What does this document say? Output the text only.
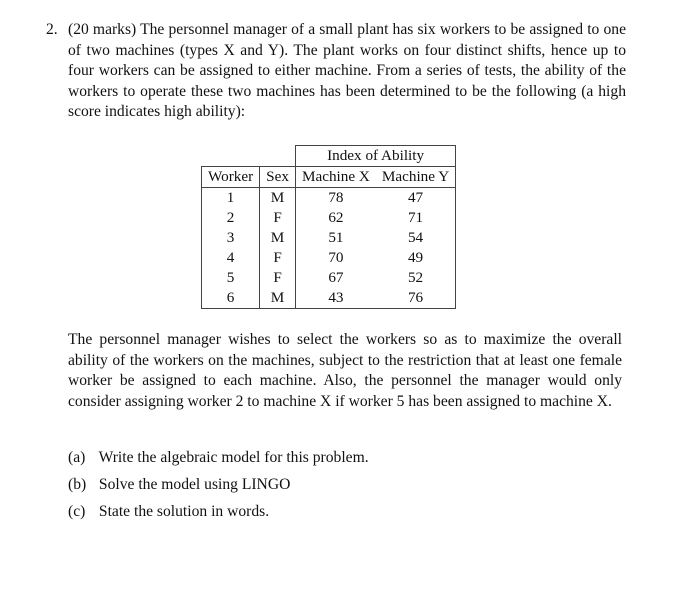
2. (20 marks) The personnel manager of a small plant has six workers to be assigned to one of two machines (types X and Y). The plant works on four distinct shifts, hence up to four workers can be assigned to either machine. From a series of tests, the ability of the workers to operate these two machines has been determined to be the following (a high score indicates high ability):
		Index of Ability	
Worker	Sex	Machine X	Machine Y
1	M	78	47
2	F	62	71
3	M	51	54
4	F	70	49
5	F	67	52
6	M	43	76
The personnel manager wishes to select the workers so as to maximize the overall ability of the workers on the machines, subject to the restriction that at least one female worker be assigned to each machine. Also, the personnel the manager would only consider assigning worker 2 to machine X if worker 5 has been assigned to machine X.
(a) Write the algebraic model for this problem.
(b) Solve the model using LINGO
(c) State the solution in words.
